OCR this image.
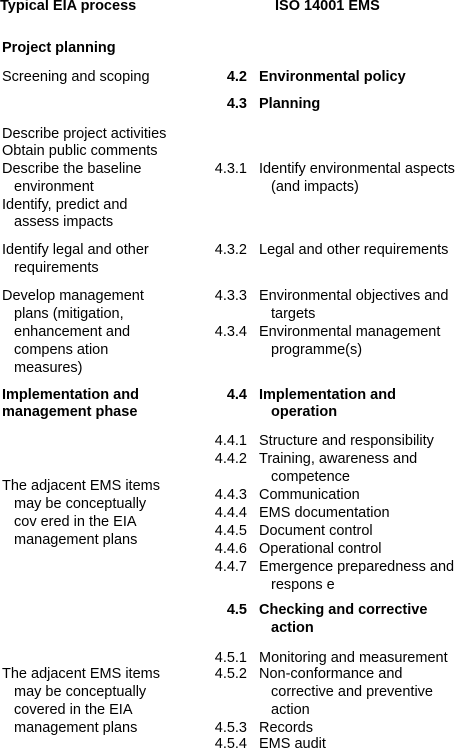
Typical EIA process	ISO 14001 EMS
Project planning
Screening and scoping
Describe project activities
Obtain public comments
Describe the baseline
environment
Identify, predict and
assess impacts
Identify legal and other
requirements
Develop management
plans (mitigation,
enhancement and
compens ation
measures)
Implementation and
management phase
The adjacent EMS items
may be conceptually
cov ered in the EIA
management plans
The adjacent EMS items
may be conceptually
covered in the EIA
management plans
4.2 Environmental policy
4.3 Planning
4.3.1 Identify environmental aspects
(and impacts)
4.3.2 Legal and other requirements
4.3.3 Environmental objectives and
targets
4.3.4 Environmental management
programme(s)
4.4 Implementation and
operation
4.4.1 Structure and responsibility
4.4.2 Training, awareness and
competence
4.4.3 Communication
4.4.4 EMS documentation
4.4.5 Document control
4.4.6 Operational control
4.4.7 Emergence preparedness and
respons e
4.5 Checking and corrective
action
4.5.1 Monitoring and measurement
4.5.2 Non-conformance and
corrective and preventive
action
4.5.3 Records
4.5.4 EMS audit
